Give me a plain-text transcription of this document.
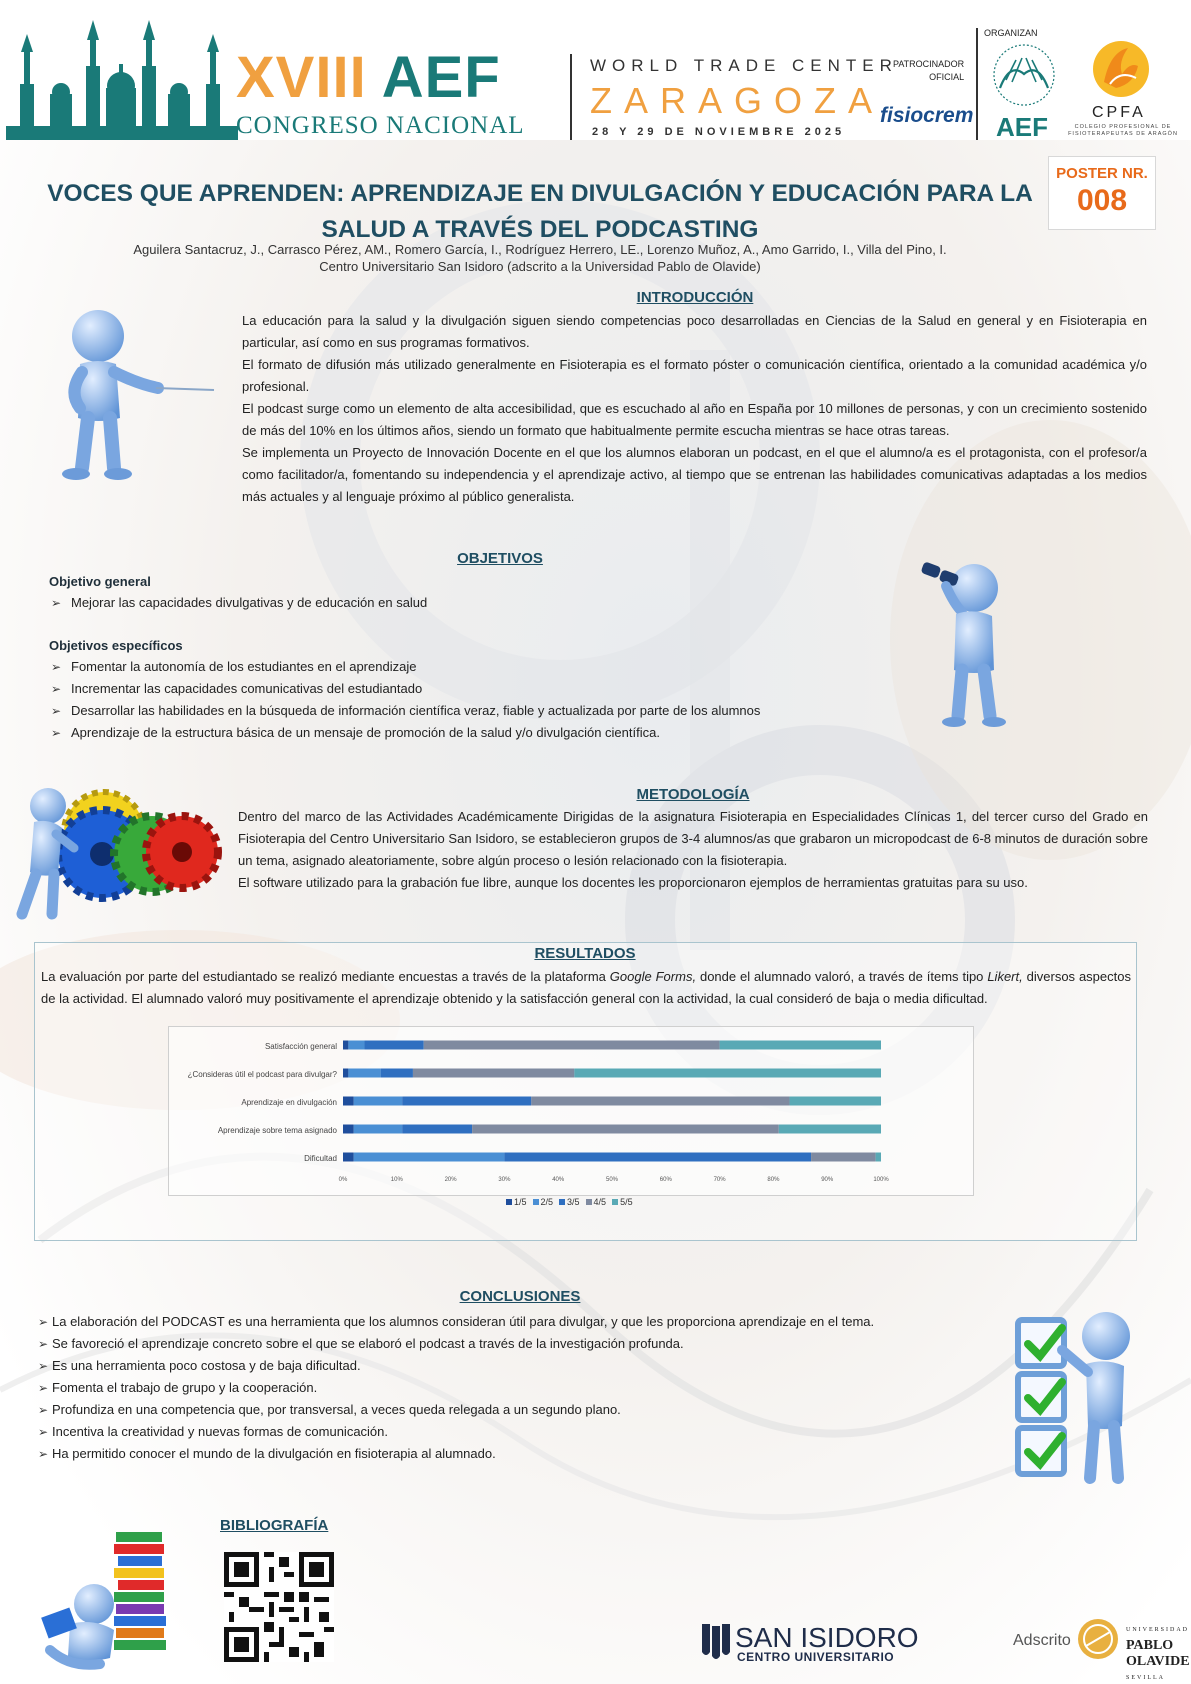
XVIII AEF
CONGRESO NACIONAL
WORLD TRADE CENTER
ZARAGOZA
28 Y 29 DE NOVIEMBRE 2025
PATROCINADOR
OFICIAL
fisiocrem
ORGANIZAN
AEF	CPFA
COLEGIO PROFESIONAL DE FISIOTERAPEUTAS DE ARAGÓN
POSTER NR.
008
VOCES QUE APRENDEN: APRENDIZAJE EN DIVULGACIÓN Y EDUCACIÓN PARA LA
SALUD A TRAVÉS DEL PODCASTING
Aguilera Santacruz, J., Carrasco Pérez, AM., Romero García, I., Rodríguez Herrero, LE., Lorenzo Muñoz, A., Amo Garrido, I., Villa del Pino, I.
Centro Universitario San Isidoro (adscrito a la Universidad Pablo de Olavide)
INTRODUCCIÓN

La educación para la salud y la divulgación siguen siendo competencias poco desarrolladas en Ciencias de la Salud en general y en Fisioterapia en particular, así como en sus programas formativos.

El formato de difusión más utilizado generalmente en Fisioterapia es el formato póster o comunicación científica, orientado a la comunidad académica y/o profesional.

El podcast surge como un elemento de alta accesibilidad, que es escuchado al año en España por 10 millones de personas, y con un crecimiento sostenido de más del 10% en los últimos años, siendo un formato que habitualmente permite escucha mientras se hace otras tareas.

Se implementa un Proyecto de Innovación Docente en el que los alumnos elaboran un podcast, en el que el alumno/a es el protagonista, con el profesor/a como facilitador/a, fomentando su independencia y el aprendizaje activo, al tiempo que se entrenan las habilidades comunicativas adaptadas a los medios más actuales y al lenguaje próximo al público generalista.

OBJETIVOS
Objetivo general
➢ Mejorar las capacidades divulgativas y de educación en salud
Objetivos específicos
➢ Fomentar la autonomía de los estudiantes en el aprendizaje
➢ Incrementar las capacidades comunicativas del estudiantado
➢ Desarrollar las habilidades en la búsqueda de información científica veraz, fiable y actualizada por parte de los alumnos
➢ Aprendizaje de la estructura básica de un mensaje de promoción de la salud y/o divulgación científica.
METODOLOGÍA

Dentro del marco de las Actividades Académicamente Dirigidas de la asignatura Fisioterapia en Especialidades Clínicas 1, del tercer curso del Grado en Fisioterapia del Centro Universitario San Isidoro, se establecieron grupos de 3-4 alumnos/as que grabaron un micropodcast de 6-8 minutos de duración sobre un tema, asignado aleatoriamente, sobre algún proceso o lesión relacionado con la fisioterapia.

El software utilizado para la grabación fue libre, aunque los docentes les proporcionaron ejemplos de herramientas gratuitas para su uso.

RESULTADOS
La evaluación por parte del estudiantado se realizó mediante encuestas a través de la plataforma Google Forms, donde el alumnado valoró, a través de ítems tipo Likert, diversos aspectos de la actividad. El alumnado valoró muy positivamente el aprendizaje obtenido y la satisfacción general con la actividad, la cual consideró de baja o media dificultad.
Satisfacción general
¿Consideras útil el podcast para divulgar?
Aprendizaje en divulgación
Aprendizaje sobre tema asignado
Dificultad
0%	10%	20%	30%	40%	50%	60%	70%	80%	90%	100%
1/5 2/5 3/5 4/5 5/5
CONCLUSIONES
➢ La elaboración del PODCAST es una herramienta que los alumnos consideran útil para divulgar, y que les proporciona aprendizaje en el tema.
➢ Se favoreció el aprendizaje concreto sobre el que se elaboró el podcast a través de la investigación profunda.
➢ Es una herramienta poco costosa y de baja dificultad.
➢ Fomenta el trabajo de grupo y la cooperación.
➢ Profundiza en una competencia que, por transversal, a veces queda relegada a un segundo plano.
➢ Incentiva la creatividad y nuevas formas de comunicación.
➢ Ha permitido conocer el mundo de la divulgación en fisioterapia al alumnado.
BIBLIOGRAFÍA
SAN ISIDORO
CENTRO UNIVERSITARIO
Adscrito
UNIVERSIDAD
PABLO
OLAVIDE
SEVILLA
